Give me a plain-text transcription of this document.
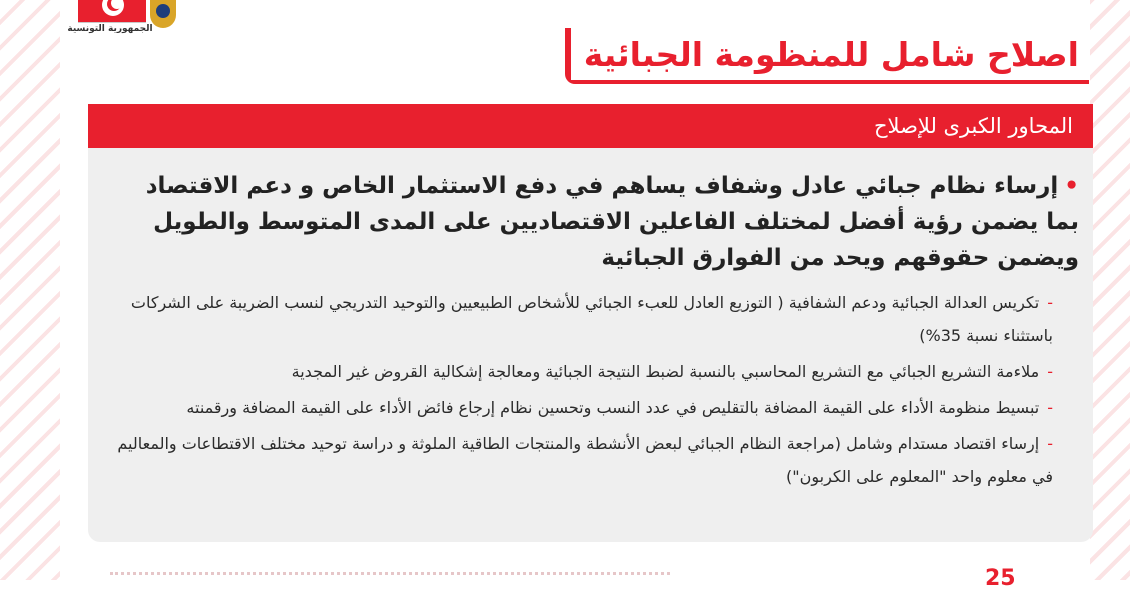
الجمهورية التونسية
اصلاح شامل للمنظومة الجبائية
المحاور الكبرى للإصلاح
•إرساء نظام جبائي عادل وشفاف يساهم في دفع الاستثمار الخاص و دعم الاقتصاد بما يضمن رؤية أفضل لمختلف الفاعلين الاقتصاديين على المدى المتوسط والطويل ويضمن حقوقهم ويحد من الفوارق الجبائية
-تكريس العدالة الجبائية ودعم الشفافية ( التوزيع العادل للعبء الجبائي للأشخاص الطبيعيين والتوحيد التدريجي لنسب الضريبة على الشركات باستثناء نسبة 35%)
-ملاءمة التشريع الجبائي مع التشريع المحاسبي بالنسبة لضبط النتيجة الجبائية ومعالجة إشكالية القروض غير المجدية
-تبسيط منظومة الأداء على القيمة المضافة بالتقليص في عدد النسب وتحسين نظام إرجاع فائض الأداء على القيمة المضافة ورقمنته
-إرساء اقتصاد مستدام وشامل (مراجعة النظام الجبائي لبعض الأنشطة والمنتجات الطاقية الملوثة و دراسة توحيد مختلف الاقتطاعات والمعاليم في معلوم واحد "المعلوم على الكربون")
25
